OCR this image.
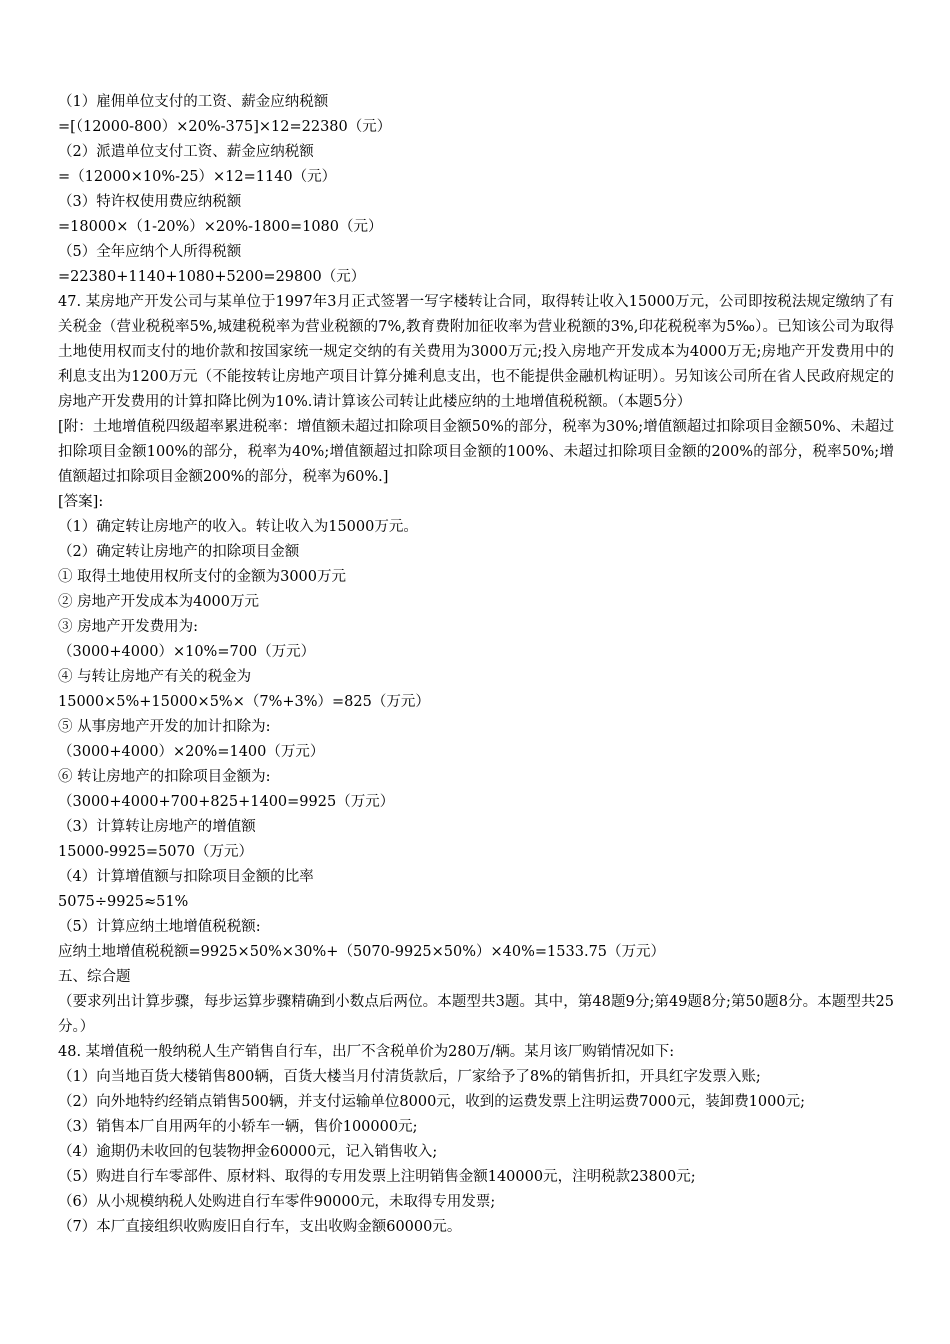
（1）雇佣单位支付的工资、薪金应纳税额
=[（12000-800）×20%-375]×12=22380（元）
（2）派遣单位支付工资、薪金应纳税额
=（12000×10%-25）×12=1140（元）
（3）特许权使用费应纳税额
=18000×（1-20%）×20%-1800=1080（元）
（5）全年应纳个人所得税额
=22380+1140+1080+5200=29800（元）
47. 某房地产开发公司与某单位于1997年3月正式签署一写字楼转让合同，取得转让收入15000万元，公司即按税法规定缴纳了有关税金（营业税税率5%,城建税税率为营业税额的7%,教育费附加征收率为营业税额的3%,印花税税率为5‰）。已知该公司为取得土地使用权而支付的地价款和按国家统一规定交纳的有关费用为3000万元;投入房地产开发成本为4000万无;房地产开发费用中的利息支出为1200万元（不能按转让房地产项目计算分摊利息支出，也不能提供金融机构证明）。另知该公司所在省人民政府规定的房地产开发费用的计算扣降比例为10%.请计算该公司转让此楼应纳的土地增值税税额。（本题5分）
[附：土地增值税四级超率累进税率：增值额未超过扣除项目金额50%的部分，税率为30%;增值额超过扣除项目金额50%、未超过扣除项目金额100%的部分，税率为40%;增值额超过扣除项目金额的100%、未超过扣除项目金额的200%的部分，税率50%;增值额超过扣除项目金额200%的部分，税率为60%.]
[答案]:
（1）确定转让房地产的收入。转让收入为15000万元。
（2）确定转让房地产的扣除项目金额
① 取得土地使用权所支付的金额为3000万元
② 房地产开发成本为4000万元
③ 房地产开发费用为:
（3000+4000）×10%=700（万元）
④ 与转让房地产有关的税金为
15000×5%+15000×5%×（7%+3%）=825（万元）
⑤ 从事房地产开发的加计扣除为:
（3000+4000）×20%=1400（万元）
⑥ 转让房地产的扣除项目金额为:
（3000+4000+700+825+1400=9925（万元）
（3）计算转让房地产的增值额
15000-9925=5070（万元）
（4）计算增值额与扣除项目金额的比率
5075÷9925≈51%
（5）计算应纳土地增值税税额:
应纳土地增值税税额=9925×50%×30%+（5070-9925×50%）×40%=1533.75（万元）
五、综合题
（要求列出计算步骤，每步运算步骤精确到小数点后两位。本题型共3题。其中，第48题9分;第49题8分;第50题8分。本题型共25分。）
48. 某增值税一般纳税人生产销售自行车，出厂不含税单价为280万/辆。某月该厂购销情况如下:
（1）向当地百货大楼销售800辆，百货大楼当月付清货款后，厂家给予了8%的销售折扣，开具红字发票入账;
（2）向外地特约经销点销售500辆，并支付运输单位8000元，收到的运费发票上注明运费7000元，装卸费1000元;
（3）销售本厂自用两年的小轿车一辆，售价100000元;
（4）逾期仍未收回的包装物押金60000元，记入销售收入;
（5）购进自行车零部件、原材料、取得的专用发票上注明销售金额140000元，注明税款23800元;
（6）从小规模纳税人处购进自行车零件90000元，未取得专用发票;
（7）本厂直接组织收购废旧自行车，支出收购金额60000元。
